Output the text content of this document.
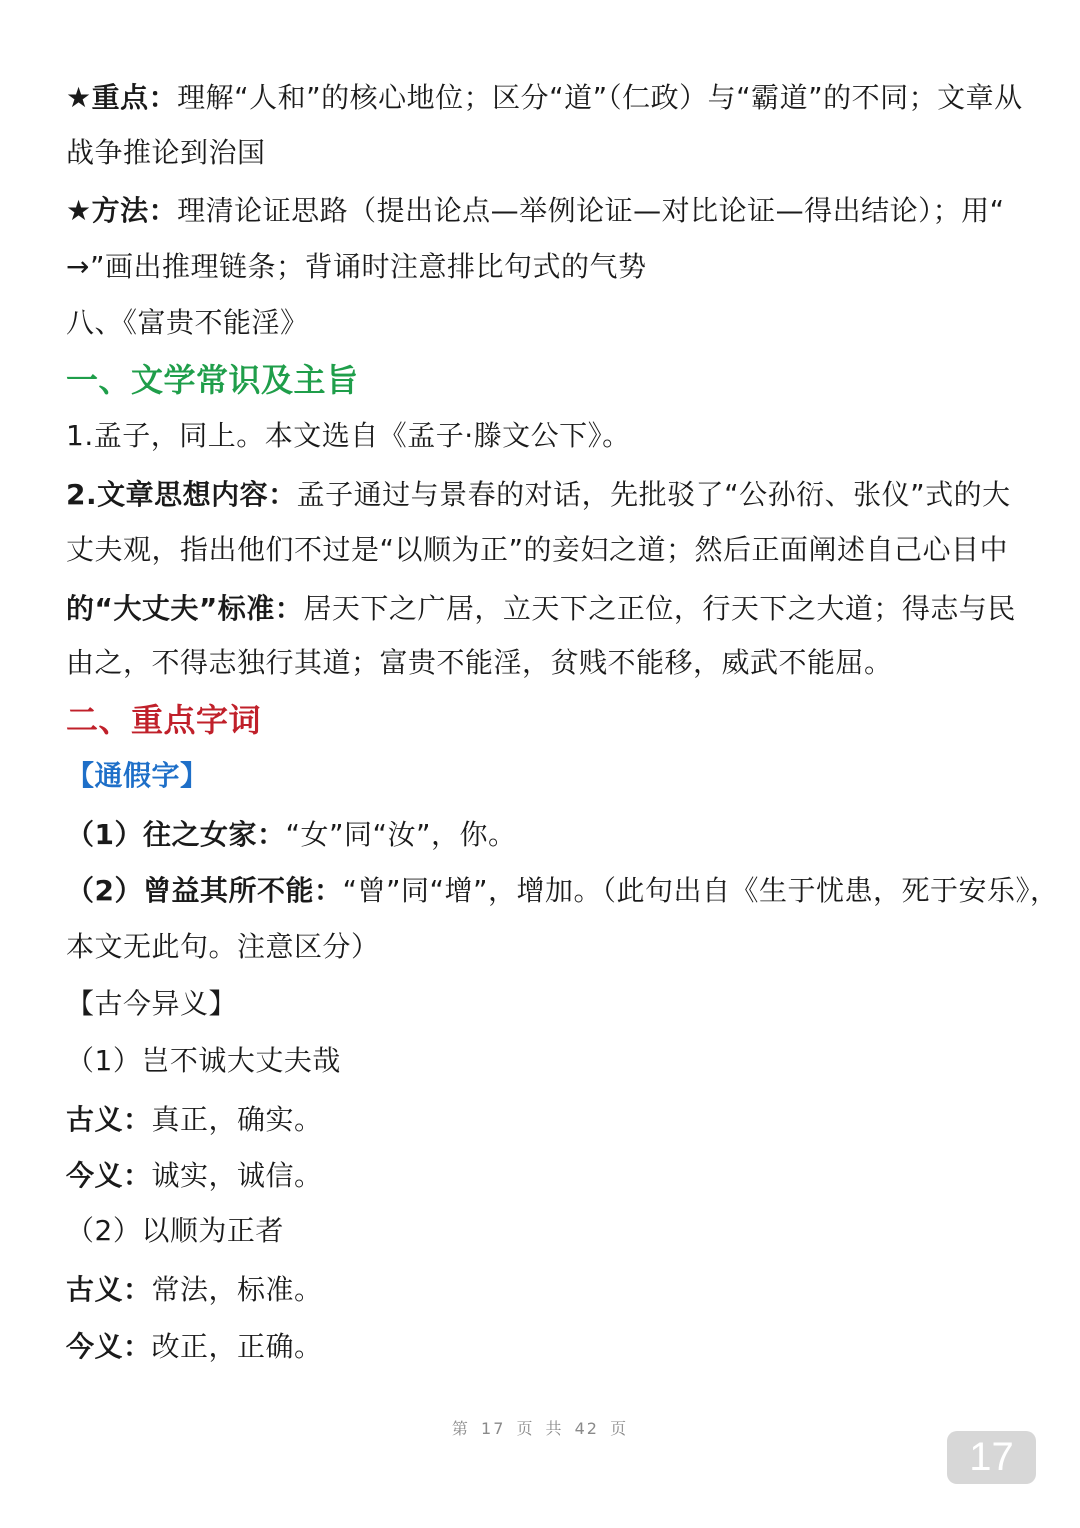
★重点：理解“人和”的核心地位；区分“道”（仁政）与“霸道”的不同；文章从
战争推论到治国
★方法：理清论证思路（提出论点—举例论证—对比论证—得出结论）；用“
→”画出推理链条；背诵时注意排比句式的气势
八、《富贵不能淫》
一、文学常识及主旨
1.孟子，同上。本文选自《孟子·滕文公下》。
2.文章思想内容：孟子通过与景春的对话，先批驳了“公孙衍、张仪”式的大
丈夫观，指出他们不过是“以顺为正”的妾妇之道；然后正面阐述自己心目中
的“大丈夫”标准：居天下之广居，立天下之正位，行天下之大道；得志与民
由之，不得志独行其道；富贵不能淫，贫贱不能移，威武不能屈。
二、重点字词
【通假字】
（1）往之女家：“女”同“汝”，你。
（2）曾益其所不能：“曾”同“增”，增加。（此句出自《生于忧患，死于安乐》，
本文无此句。注意区分）
【古今异义】
（1）岂不诚大丈夫哉
古义：真正，确实。
今义：诚实，诚信。
（2）以顺为正者
古义：常法，标准。
今义：改正，正确。
第 17 页 共 42 页
17
